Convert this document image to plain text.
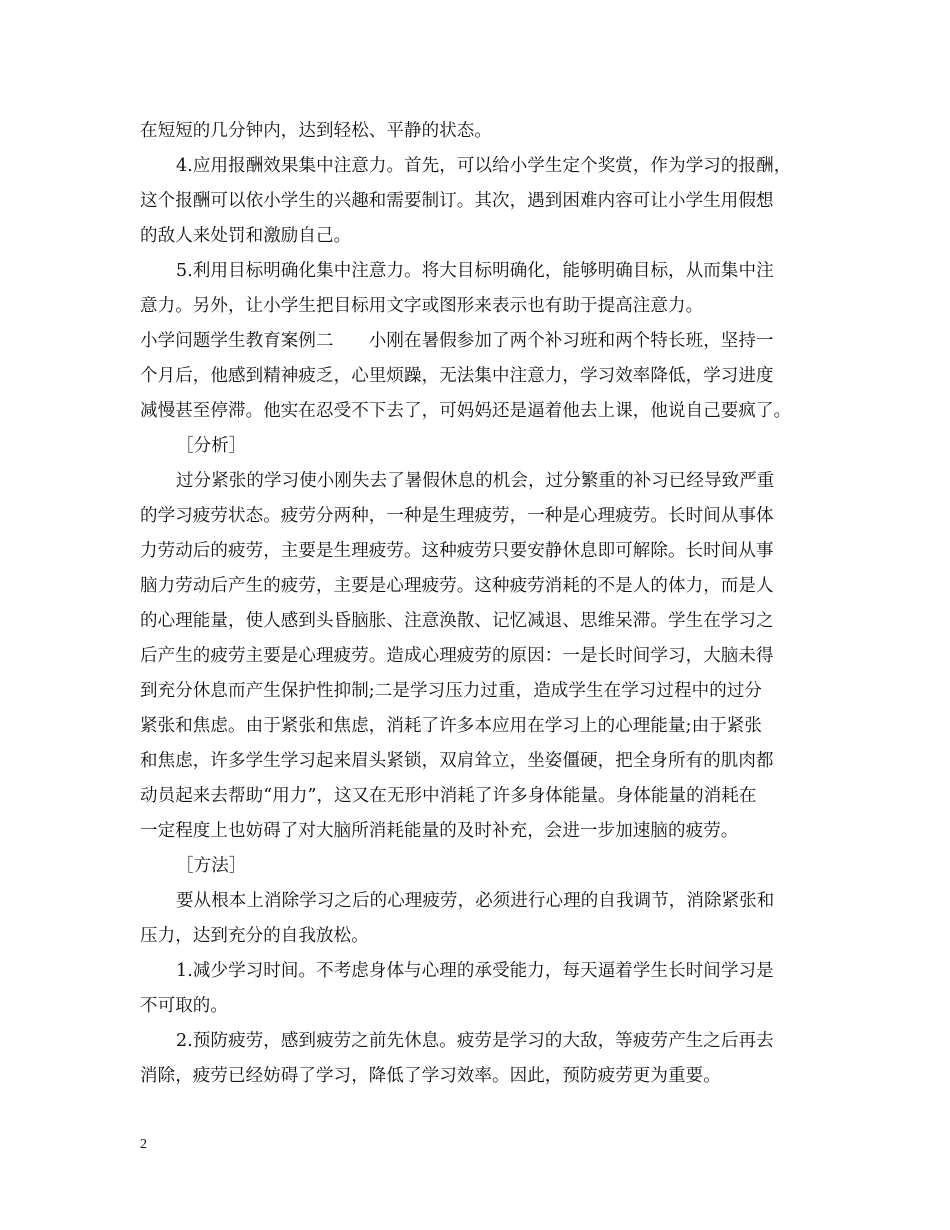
在短短的几分钟内，达到轻松、平静的状态。
4.应用报酬效果集中注意力。首先，可以给小学生定个奖赏，作为学习的报酬，
这个报酬可以依小学生的兴趣和需要制订。其次，遇到困难内容可让小学生用假想
的敌人来处罚和激励自己。
5.利用目标明确化集中注意力。将大目标明确化，能够明确目标，从而集中注
意力。另外，让小学生把目标用文字或图形来表示也有助于提高注意力。
小学问题学生教育案例二　　小刚在暑假参加了两个补习班和两个特长班，坚持一
个月后，他感到精神疲乏，心里烦躁，无法集中注意力，学习效率降低，学习进度
减慢甚至停滞。他实在忍受不下去了，可妈妈还是逼着他去上课，他说自己要疯了。
［分析］
过分紧张的学习使小刚失去了暑假休息的机会，过分繁重的补习已经导致严重
的学习疲劳状态。疲劳分两种，一种是生理疲劳，一种是心理疲劳。长时间从事体
力劳动后的疲劳，主要是生理疲劳。这种疲劳只要安静休息即可解除。长时间从事
脑力劳动后产生的疲劳，主要是心理疲劳。这种疲劳消耗的不是人的体力，而是人
的心理能量，使人感到头昏脑胀、注意涣散、记忆减退、思维呆滞。学生在学习之
后产生的疲劳主要是心理疲劳。造成心理疲劳的原因：一是长时间学习，大脑未得
到充分休息而产生保护性抑制;二是学习压力过重，造成学生在学习过程中的过分
紧张和焦虑。由于紧张和焦虑，消耗了许多本应用在学习上的心理能量;由于紧张
和焦虑，许多学生学习起来眉头紧锁，双肩耸立，坐姿僵硬，把全身所有的肌肉都
动员起来去帮助“用力”，这又在无形中消耗了许多身体能量。身体能量的消耗在
一定程度上也妨碍了对大脑所消耗能量的及时补充，会进一步加速脑的疲劳。
［方法］
要从根本上消除学习之后的心理疲劳，必须进行心理的自我调节，消除紧张和
压力，达到充分的自我放松。
1.减少学习时间。不考虑身体与心理的承受能力，每天逼着学生长时间学习是
不可取的。
2.预防疲劳，感到疲劳之前先休息。疲劳是学习的大敌，等疲劳产生之后再去
消除，疲劳已经妨碍了学习，降低了学习效率。因此，预防疲劳更为重要。
2
